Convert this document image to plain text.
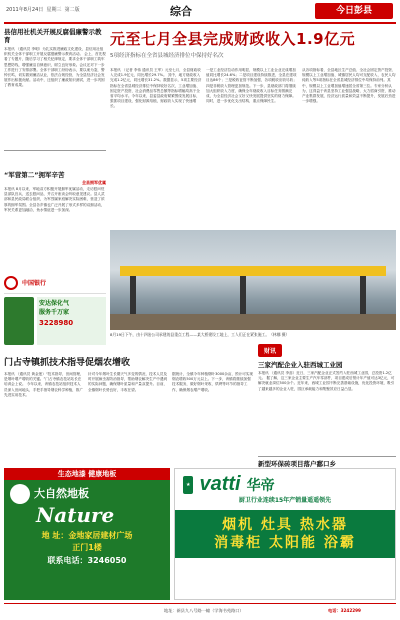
2011年8月24日 星期三 第二版	综合	今日彭县
县信用社机关开展反腐倡廉警示教育
本报讯 （通讯员 李明）为扎实推进廉政文化建设，县信用社组织机关全体干部职工开展反腐倡廉警示教育活动。 会上，首先观看了专题片，随后学习了相关纪律规定，要求全体干部职工筑牢思想防线，增强廉洁自律意识，树立良好形象。会议还对下一步工作进行了安排部署。全体干部职工纷纷表示，要以案为鉴，警钟长鸣，切实做到廉洁从业，依法合规经营，为全县经济社会发展作出积极贡献。活动中，还组织了廉政知识测试，进一步巩固了教育成果。
“军营第二”拥军辛苦
全县拥军优属
本报讯 8月以来，军地双方积极开展拥军优属活动，走访慰问驻县部队官兵，送去慰问品，并召开座谈会听取意见建议。县人武部和县民政局联合组织，为军烈属家庭解决实际困难，营造了浓厚的拥军氛围。全县各乡镇也广泛开展了形式多样的双拥活动，军民关系更加融洽，鱼水情谊进一步加深。
中国银行
安达保化气
服务千万家
3228980
元至七月全县完成财政收入1.9亿元
5项经济指标在全省县城经济排位中保持好名次
本报讯 （记者 李伟 通讯员 王军）元至七月，全县财政收入完成1.9亿元，同比增长29.7%。 其中，地方财政收入完成1.2亿元，同比增长31.2%。数据显示，5项主要经济指标在全省县城经济排位中保持较好名次，工业增加值、固定资产投资、社会消费品零售总额等指标增幅均高于全省平均水平。今年以来，县委县政府紧紧围绕发展目标，狠抓项目建设，强化财源培植，财政收入实现了快速增长。
一是工业经济拉动作用明显，规模以上工业企业完成增加值同比增长24.6%；二是项目建设持续推进，全县在建项目达86个；三是税收征管不断加强，各项税收应收尽收；四是非税收入管理更加规范。下一步，县财政部门将继续加大组织收入力度，确保全年财政收入目标任务圆满完成，为全县经济社会又好又快发展提供坚实的财力保障。同时，进一步优化支出结构，重点保障民生。
从各项指标看，全县地区生产总值、全社会固定资产投资、规模以上工业增加值、城镇居民人均可支配收入、农民人均纯收入等5项指标在全省县城经济排位中均保持前列。其中，规模以上工业增加值增速居全省第三位。专家分析认为，这得益于该县坚持工业强县战略，大力招商引资，推动产业集群发展，经济运行质量和效益不断提升，发展后劲进一步增强。
8月19日下午，由十四冶公司承建的县重点工程——某大桥建设工地上，工人们正在紧张施工。（林娜 摄）
财讯
三家汽配企业入驻西城工业园
本报讯 （通讯员 李蕊）近日，三家汽配企业正式签约入驻西城工业园，总投资1.2亿元。 据了解，这三家企业主要生产汽车零部件，项目建成后预计年产值可达3亿元，可解决就业岗位500余个。近年来，西城工业园不断完善基础设施，优化投资环境，吸引了越来越多的企业入驻，园区承载能力和集聚效应日益凸显。
新型环保砖项目落户鄱口乡
门占寺镇抓技术指导促烟农增收
本报讯 （通讯员 黄金莲）“技术指导，田间管理，是烟叶增产增收的关键。”门占寺镇农技站站长在培训会上说。 今年以来，该镇农技站组织技术人员深入田间地头，手把手指导烟农科学种植，推广先进实用技术。
针对今年烟叶生长期天气多变的情况，技术人员及时开展病虫害防治指导，帮助烟农解决生产中遇到的实际问题，确保烟叶质量和产量双提升。目前，全镇烟叶长势良好，丰收在望。
据统计，全镇今年种植烟叶3000余亩，预计可实现烟农增收500万元以上。下一步，该镇将继续加强技术服务，做好烟叶采收、烘烤等环节的指导工作，确保烟农增产增收。
生态地漆 健康地板
大自然地板
Nature
地 址：金地家居建材广场
正门1楼
联系电话：3246050
★ vatti 华帝
厨卫行业连续15年产销量遥遥领先
烟机 灶具 热水器
消毒柜 太阳能 浴霸
地址：新县九八号路一幢（学海书苑路口）	电话：3242299
